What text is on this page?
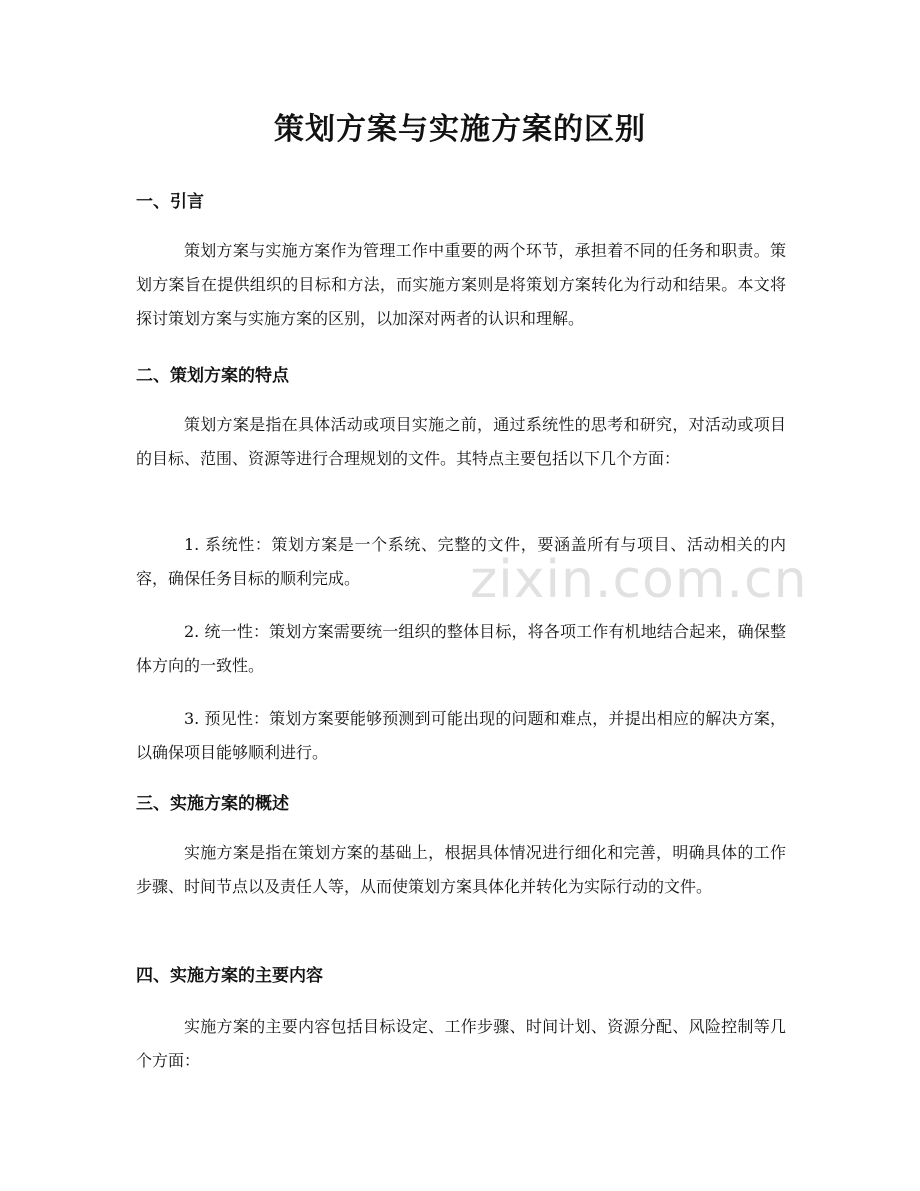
策划方案与实施方案的区别
一、引言

策划方案与实施方案作为管理工作中重要的两个环节，承担着不同的任务和职责。策划方案旨在提供组织的目标和方法，而实施方案则是将策划方案转化为行动和结果。本文将探讨策划方案与实施方案的区别，以加深对两者的认识和理解。

二、策划方案的特点

策划方案是指在具体活动或项目实施之前，通过系统性的思考和研究，对活动或项目的目标、范围、资源等进行合理规划的文件。其特点主要包括以下几个方面：

1. 系统性：策划方案是一个系统、完整的文件，要涵盖所有与项目、活动相关的内容，确保任务目标的顺利完成。

2. 统一性：策划方案需要统一组织的整体目标，将各项工作有机地结合起来，确保整体方向的一致性。

3. 预见性：策划方案要能够预测到可能出现的问题和难点，并提出相应的解决方案，以确保项目能够顺利进行。

三、实施方案的概述

实施方案是指在策划方案的基础上，根据具体情况进行细化和完善，明确具体的工作步骤、时间节点以及责任人等，从而使策划方案具体化并转化为实际行动的文件。

四、实施方案的主要内容

实施方案的主要内容包括目标设定、工作步骤、时间计划、资源分配、风险控制等几个方面：

zixin.com.cn
